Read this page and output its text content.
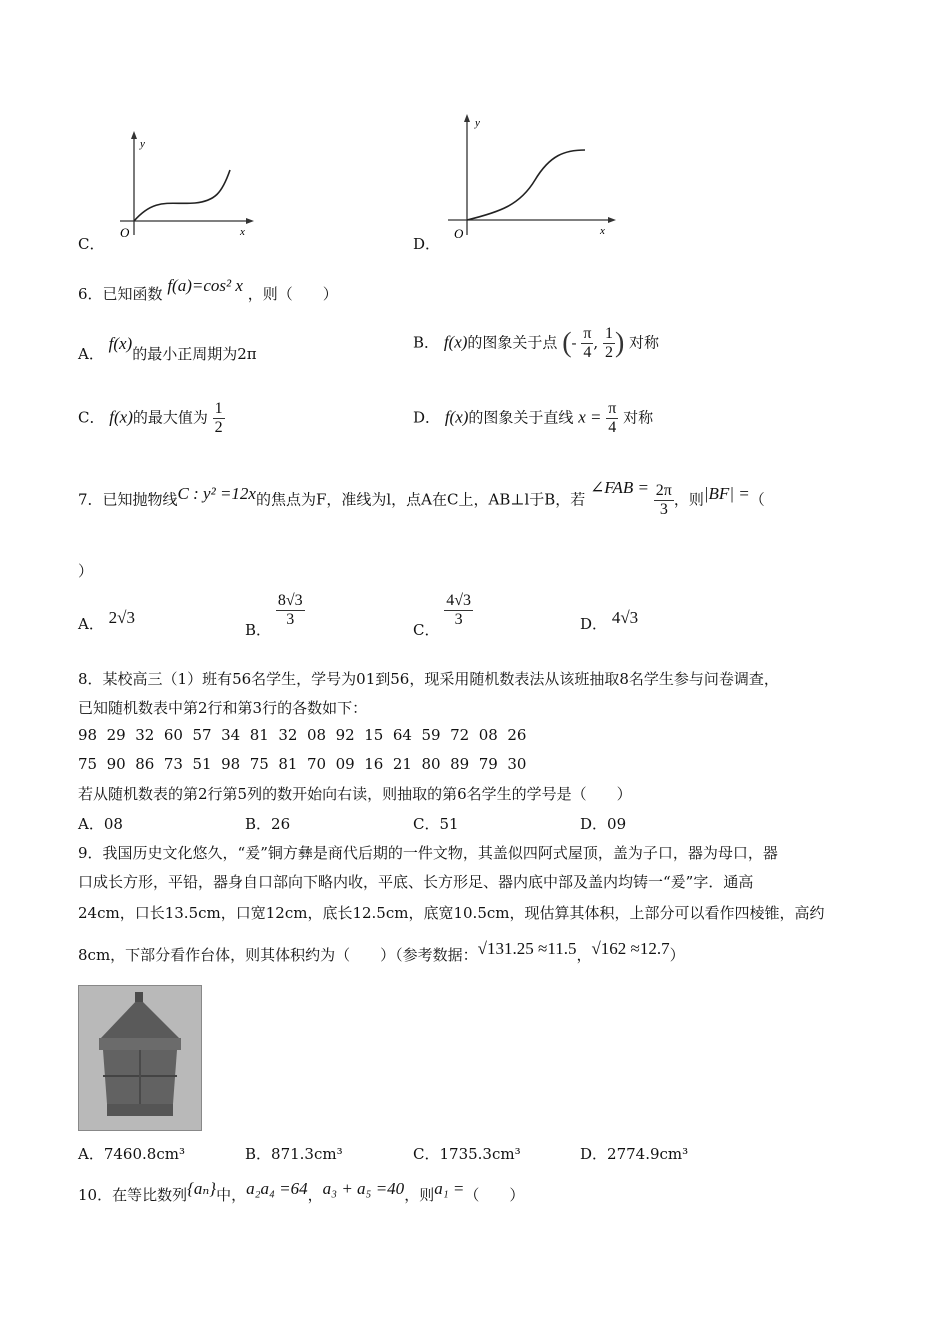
y
x
O
C．
y
x
O
D．
6．已知函数 f(a)=cos² x ，则（　　）
A． f(x)的最小正周期为2π
B． f(x)的图象关于点 (- $\frac{\pi}{4}$ , $\frac{1}{2}$ ) 对称
C． f(x)的最大值为 $\frac{1}{2}$	D． f(x)的图象关于直线 $x = \frac{\pi}{4}$ 对称
7．已知抛物线C : y² =12x的焦点为F，准线为l，点A在C上，AB⊥l于B，若 ∠FAB = $\frac{2\pi}{3}$ ，则|BF| =（
）
A． 2√3
B．
$\frac{8√3}{3}$
C．
$\frac{4√3}{3}$	D． 4√3
8．某校高三（1）班有56名学生，学号为01到56，现采用随机数表法从该班抽取8名学生参与问卷调查，
已知随机数表中第2行和第3行的各数如下：
98  29  32  60  57  34  81  32  08  92  15  64  59  72  08  26
75  90  86  73  51  98  75  81  70  09  16  21  80  89  79  30
若从随机数表的第2行第5列的数开始向右读，则抽取的第6名学生的学号是（　　）
A．08	B．26	C．51	D．09
9．我国历史文化悠久，“爰”铜方彝是商代后期的一件文物，其盖似四阿式屋顶，盖为子口，器为母口，器
口成长方形，平铅，器身自口部向下略内收，平底、长方形足、器内底中部及盖内均铸一“爰”字．通高
24cm，口长13.5cm，口宽12cm，底长12.5cm，底宽10.5cm，现估算其体积，上部分可以看作四棱锥，高约
8cm，下部分看作台体，则其体积约为（　　）（参考数据：√131.25 ≈11.5，√162 ≈12.7）
A．7460.8cm³	B．871.3cm³	C．1735.3cm³	D．2774.9cm³
10．在等比数列{aₙ}中，a₂a₄ =64，a₃ + a₅ =40，则a₁ =（　　）
